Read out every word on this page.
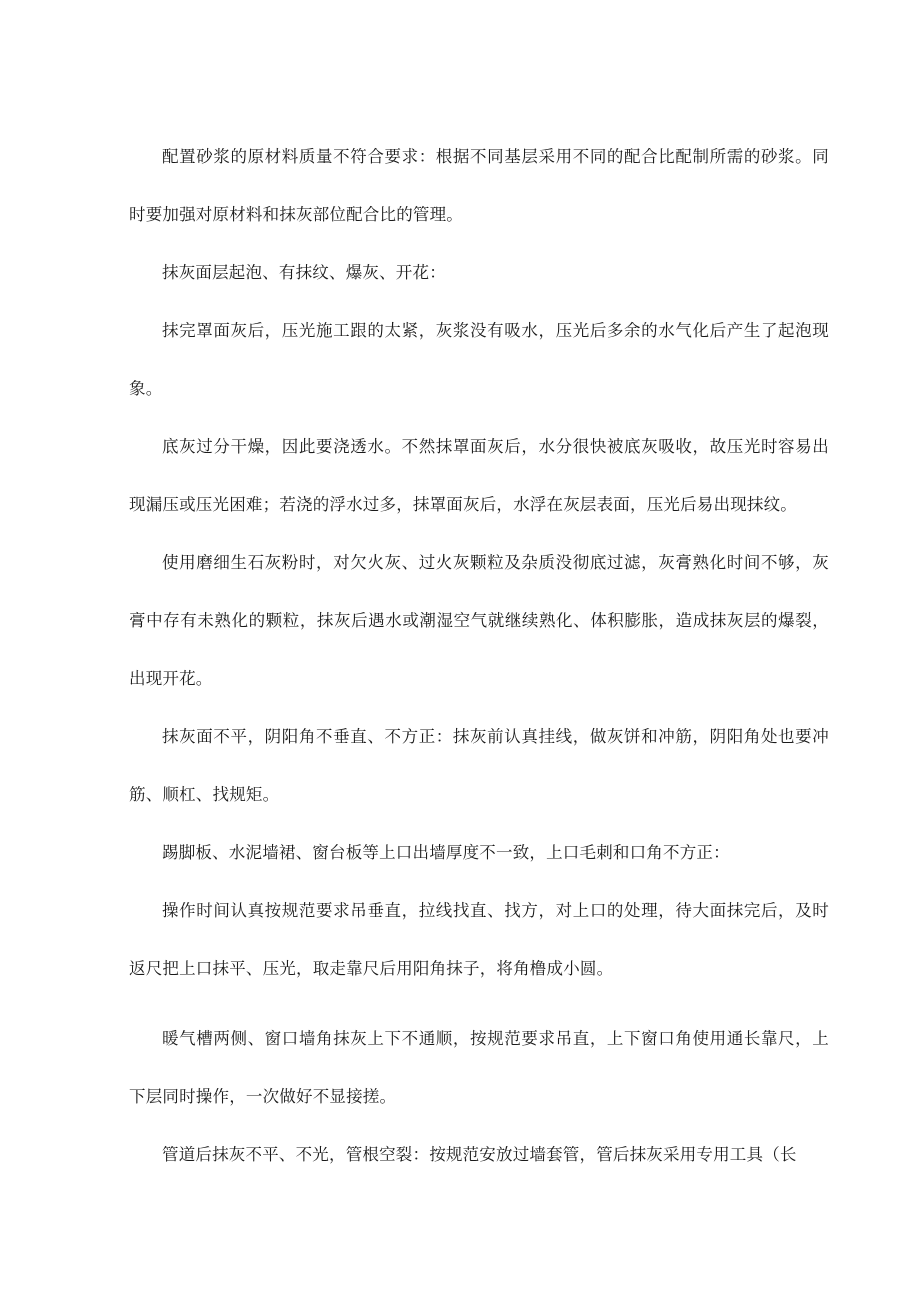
配置砂浆的原材料质量不符合要求：根据不同基层采用不同的配合比配制所需的砂浆。同时要加强对原材料和抹灰部位配合比的管理。

抹灰面层起泡、有抹纹、爆灰、开花：

抹完罩面灰后，压光施工跟的太紧，灰浆没有吸水，压光后多余的水气化后产生了起泡现象。

底灰过分干燥，因此要浇透水。不然抹罩面灰后，水分很快被底灰吸收，故压光时容易出现漏压或压光困难；若浇的浮水过多，抹罩面灰后，水浮在灰层表面，压光后易出现抹纹。

使用磨细生石灰粉时，对欠火灰、过火灰颗粒及杂质没彻底过滤，灰膏熟化时间不够，灰膏中存有未熟化的颗粒，抹灰后遇水或潮湿空气就继续熟化、体积膨胀，造成抹灰层的爆裂，出现开花。

抹灰面不平，阴阳角不垂直、不方正：抹灰前认真挂线，做灰饼和冲筋，阴阳角处也要冲筋、顺杠、找规矩。

踢脚板、水泥墙裙、窗台板等上口出墙厚度不一致，上口毛刺和口角不方正：

操作时间认真按规范要求吊垂直，拉线找直、找方，对上口的处理，待大面抹完后，及时返尺把上口抹平、压光，取走靠尺后用阳角抹子，将角橹成小圆。

暖气槽两侧、窗口墙角抹灰上下不通顺，按规范要求吊直，上下窗口角使用通长靠尺，上下层同时操作，一次做好不显接搓。

管道后抹灰不平、不光，管根空裂：按规范安放过墙套管，管后抹灰采用专用工具（长
